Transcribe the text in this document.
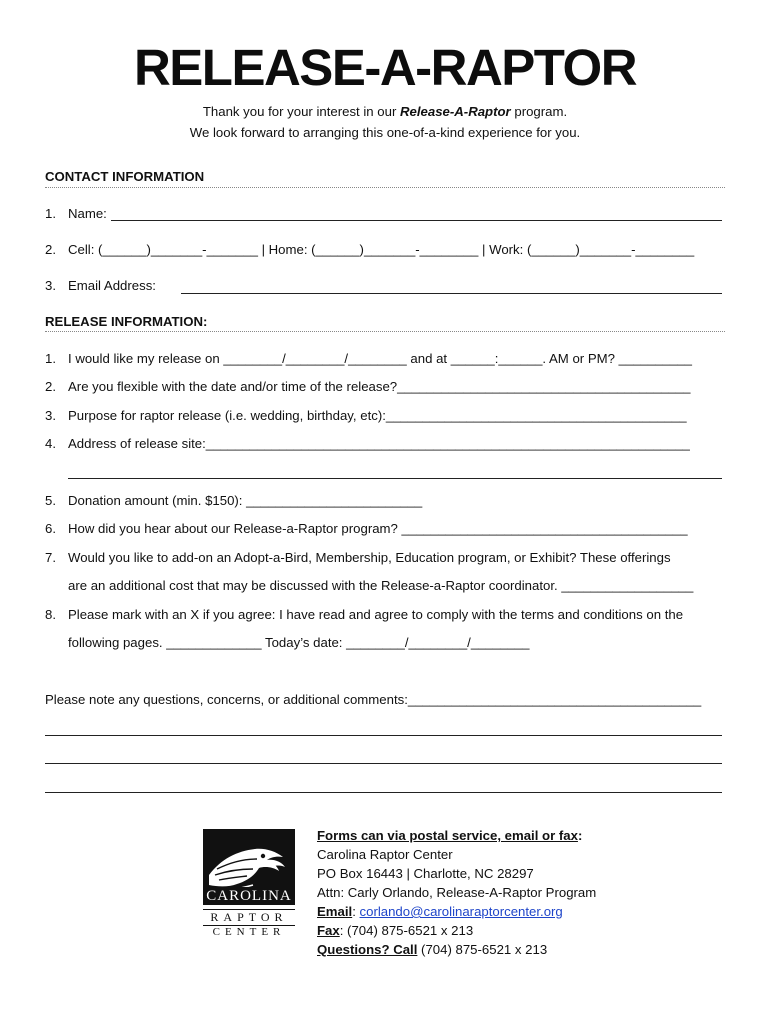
RELEASE-A-RAPTOR
Thank you for your interest in our Release-A-Raptor program.
We look forward to arranging this one-of-a-kind experience for you.
CONTACT INFORMATION
1. Name:
2. Cell: (______)_______-_______ | Home: (______)_______-________ | Work: (______)_______-________
3. Email Address:
RELEASE INFORMATION:
1. I would like my release on ________/________/________ and at ______:______. AM or PM? __________
2. Are you flexible with the date and/or time of the release?________________________________________
3. Purpose for raptor release (i.e. wedding, birthday, etc):_________________________________________
4. Address of release site:__________________________________________________________________
5. Donation amount (min. $150): ________________________
6. How did you hear about our Release-a-Raptor program? _______________________________________
7. Would you like to add-on an Adopt-a-Bird, Membership, Education program, or Exhibit? These offerings
are an additional cost that may be discussed with the Release-a-Raptor coordinator. __________________
8. Please mark with an X if you agree: I have read and agree to comply with the terms and conditions on the
following pages. _____________ Today’s date: ________/________/________
Please note any questions, concerns, or additional comments:________________________________________
CAROLINA
RAPTOR
CENTER
Forms can via postal service, email or fax:
Carolina Raptor Center
PO Box 16443 | Charlotte, NC 28297
Attn: Carly Orlando, Release-A-Raptor Program
Email: corlando@carolinaraptorcenter.org
Fax: (704) 875-6521 x 213
Questions? Call (704) 875-6521 x 213
